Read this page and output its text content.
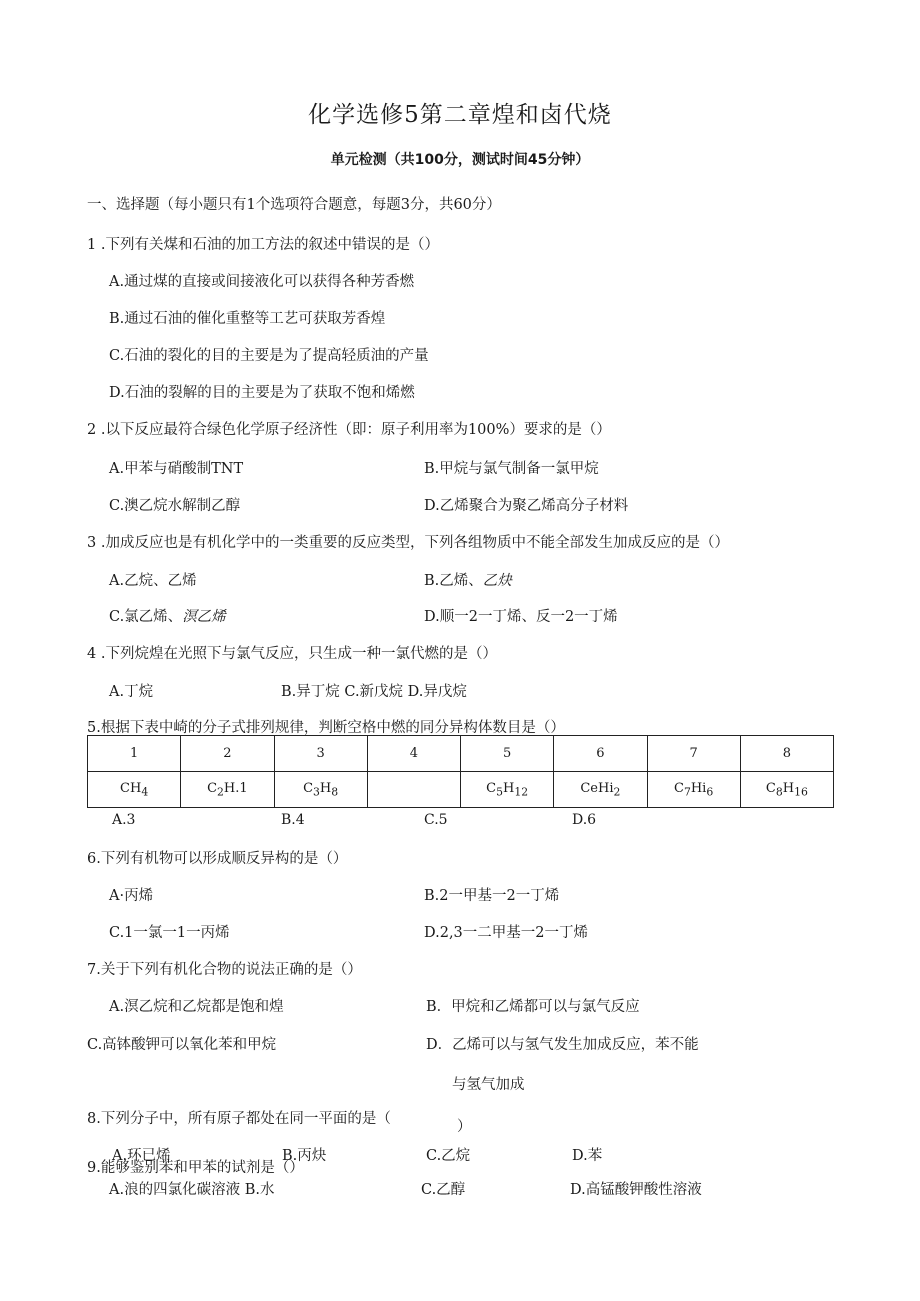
化学选修5第二章煌和卤代烧
单元检测（共100分，测试时间45分钟）
一、选择题（每小题只有1个选项符合题意，每题3分，共60分）
1 .下列有关煤和石油的加工方法的叙述中错误的是（）
A.通过煤的直接或间接液化可以获得各种芳香燃
B.通过石油的催化重整等工艺可获取芳香煌
C.石油的裂化的目的主要是为了提高轻质油的产量
D.石油的裂解的目的主要是为了获取不饱和烯燃
2 .以下反应最符合绿色化学原子经济性（即：原子利用率为100%）要求的是（）
A.甲苯与硝酸制TNT	B.甲烷与氯气制备一氯甲烷
C.澳乙烷水解制乙醇	D.乙烯聚合为聚乙烯高分子材料
3 .加成反应也是有机化学中的一类重要的反应类型，下列各组物质中不能全部发生加成反应的是（）
A.乙烷、乙烯	B.乙烯、乙炔
C.氯乙烯、溟乙烯	D.顺一2一丁烯、反一2一丁烯
4 .下列烷煌在光照下与氯气反应，只生成一种一氯代燃的是（）
A.丁烷	B.异丁烷 C.新戊烷 D.异戊烷
5.根据下表中崎的分子式排列规律，判断空格中燃的同分异构体数目是（）
1	2	3	4	5	6	7	8
$CH_4$	$C_2H.1$	$C_3H_8$		$C_5H_{12}$	CeHi$_2$	$C_7Hi_6$	$C_8H_{16}$
A.3	B.4	C.5	D.6
6.下列有机物可以形成顺反异构的是（）
A·丙烯	B.2一甲基一2一丁烯
C.1一氯一1一丙烯	D.2,3一二甲基一2一丁烯
7.关于下列有机化合物的说法正确的是（）
A.溟乙烷和乙烷都是饱和煌	B．甲烷和乙烯都可以与氯气反应
C.高钵酸钾可以氧化苯和甲烷	D．乙烯可以与氢气发生加成反应，苯不能
与氢气加成
8.下列分子中，所有原子都处在同一平面的是（	）
A.环已烯	B.丙炔	C.乙烷	D.苯
9.能够鉴别苯和甲苯的试剂是（）
A.浪的四氯化碳溶液 B.水	C.乙醇	D.高锰酸钾酸性溶液
